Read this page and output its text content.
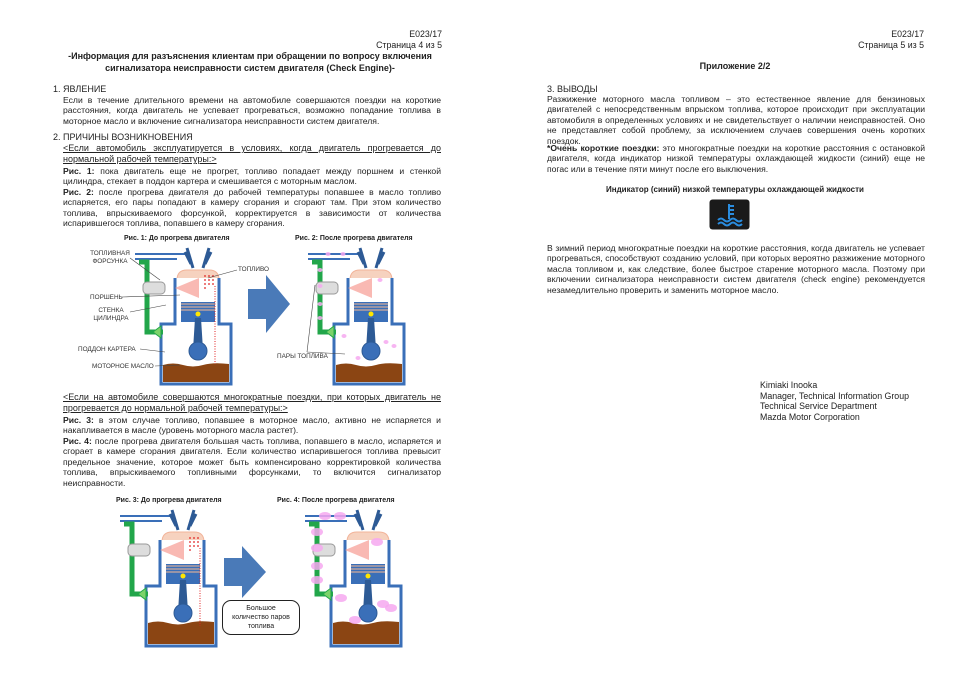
E023/17
Страница 4 из 5
-Информация для разъяснения клиентам при обращении по вопросу включения
сигнализатора неисправности систем двигателя (Check Engine)-
1. ЯВЛЕНИЕ
Если в течение длительного времени на автомобиле совершаются поездки на короткие расстояния, когда двигатель не успевает прогреваться, возможно попадание топлива в моторное масло и включение сигнализатора неисправности систем двигателя.
2. ПРИЧИНЫ ВОЗНИКНОВЕНИЯ
<Если автомобиль эксплуатируется в условиях, когда двигатель прогревается до нормальной рабочей температуры:>
Рис. 1: пока двигатель еще не прогрет, топливо попадает между поршнем и стенкой цилиндра, стекает в поддон картера и смешивается с моторным маслом.
Рис. 2: после прогрева двигателя до рабочей температуры попавшее в масло топливо испаряется, его пары попадают в камеру сгорания и сгорают там. При этом количество топлива, впрыскиваемого форсункой, корректируется в зависимости от количества испарившегося топлива, попавшего в камеру сгорания.
Рис. 1: До прогрева двигателя	Рис. 2: После прогрева двигателя
ТОПЛИВНАЯ ФОРСУНКА
ТОПЛИВО
ПОРШЕНЬ
СТЕНКА ЦИЛИНДРА
ПОДДОН КАРТЕРА
МОТОРНОЕ МАСЛО
ПАРЫ ТОПЛИВА
<Если на автомобиле совершаются многократные поездки, при которых двигатель не прогревается до нормальной рабочей температуры:>
Рис. 3: в этом случае топливо, попавшее в моторное масло, активно не испаряется и накапливается в масле (уровень моторного масла растет).
Рис. 4: после прогрева двигателя большая часть топлива, попавшего в масло, испаряется и сгорает в камере сгорания двигателя. Если количество испарившегося топлива превысит предельное значение, которое может быть компенсировано корректировкой количества топлива, впрыскиваемого топливными форсунками, то включится сигнализатор неисправности.
Рис. 3: До прогрева двигателя	Рис. 4: После прогрева двигателя
Большое количество паров топлива
E023/17
Страница 5 из 5
Приложение 2/2
3. ВЫВОДЫ
Разжижение моторного масла топливом – это естественное явление для бензиновых двигателей с непосредственным впрыском топлива, которое происходит при эксплуатации автомобиля в определенных условиях и не свидетельствует о наличии неисправностей. Оно не представляет собой проблему, за исключением случаев совершения очень коротких поездок.
*Очень короткие поездки: это многократные поездки на короткие расстояния с остановкой двигателя, когда индикатор низкой температуры охлаждающей жидкости (синий) еще не погас или в течение пяти минут после его выключения.
Индикатор (синий) низкой температуры охлаждающей жидкости
В зимний период многократные поездки на короткие расстояния, когда двигатель не успевает прогреваться, способствуют созданию условий, при которых вероятно разжижение моторного масла топливом и, как следствие, более быстрое старение моторного масла. Поэтому при включении сигнализатора неисправности систем двигателя (check engine) рекомендуется незамедлительно проверить и заменить моторное масло.
Kimiaki Inooka
Manager, Technical Information Group
Technical Service Department
Mazda Motor Corporation
